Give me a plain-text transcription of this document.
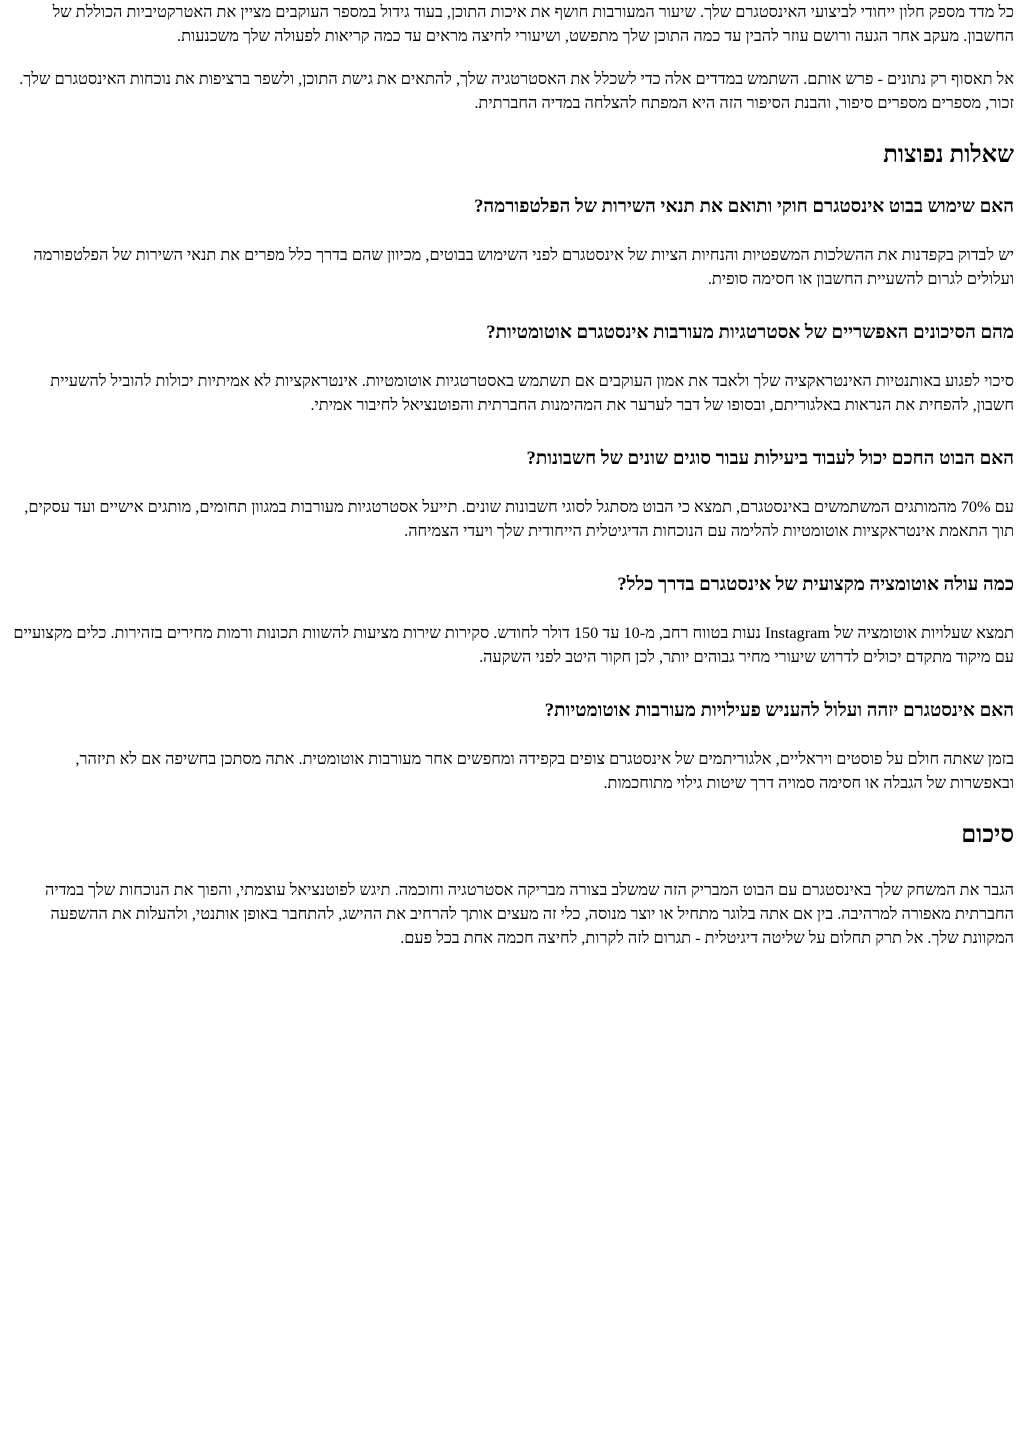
כל מדד מספק חלון ייחודי לביצועי האינסטגרם שלך. שיעור המעורבות חושף את איכות התוכן, בעוד גידול במספר העוקבים מציין את האטרקטיביות הכוללת של החשבון. מעקב אחר הגעה ורושם עוזר להבין עד כמה התוכן שלך מתפשט, ושיעורי לחיצה מראים עד כמה קריאות לפעולה שלך משכנעות.

אל תאסוף רק נתונים - פרש אותם. השתמש במדדים אלה כדי לשכלל את האסטרטגיה שלך, להתאים את גישת התוכן, ולשפר ברציפות את נוכחות האינסטגרם שלך. זכור, מספרים מספרים סיפור, והבנת הסיפור הזה היא המפתח להצלחה במדיה החברתית.

שאלות נפוצות
האם שימוש בבוט אינסטגרם חוקי ותואם את תנאי השירות של הפלטפורמה?

יש לבדוק בקפדנות את ההשלכות המשפטיות והנחיות הציות של אינסטגרם לפני השימוש בבוטים, מכיוון שהם בדרך כלל מפרים את תנאי השירות של הפלטפורמה ועלולים לגרום להשעיית החשבון או חסימה סופית.

מהם הסיכונים האפשריים של אסטרטגיות מעורבות אינסטגרם אוטומטיות?

סיכוי לפגוע באותנטיות האינטראקציה שלך ולאבד את אמון העוקבים אם תשתמש באסטרטגיות אוטומטיות. אינטראקציות לא אמיתיות יכולות להוביל להשעיית חשבון, להפחית את הנראות באלגוריתם, ובסופו של דבר לערער את המהימנות החברתית והפוטנציאל לחיבור אמיתי.

האם הבוט החכם יכול לעבוד ביעילות עבור סוגים שונים של חשבונות?

עם 70% מהמותגים המשתמשים באינסטגרם, תמצא כי הבוט מסתגל לסוגי חשבונות שונים. תייעל אסטרטגיות מעורבות במגוון תחומים, מותגים אישיים ועד עסקים, תוך התאמת אינטראקציות אוטומטיות להלימה עם הנוכחות הדיגיטלית הייחודית שלך ויעדי הצמיחה.

כמה עולה אוטומציה מקצועית של אינסטגרם בדרך כלל?

תמצא שעלויות אוטומציה של Instagram נעות בטווח רחב, מ-10 עד 150 דולר לחודש. סקירות שירות מציעות להשוות תכונות ורמות מחירים בזהירות. כלים מקצועיים עם מיקוד מתקדם יכולים לדרוש שיעורי מחיר גבוהים יותר, לכן חקור היטב לפני השקעה.

האם אינסטגרם יזהה ועלול להעניש פעילויות מעורבות אוטומטיות?

בזמן שאתה חולם על פוסטים ויראליים, אלגוריתמים של אינסטגרם צופים בקפידה ומחפשים אחר מעורבות אוטומטית. אתה מסתכן בחשיפה אם לא תיזהר, ובאפשרות של הגבלה או חסימה סמויה דרך שיטות גילוי מתוחכמות.

סיכום

הגבר את המשחק שלך באינסטגרם עם הבוט המבריק הזה שמשלב בצורה מבריקה אסטרטגיה וחוכמה. תיגש לפוטנציאל עוצמתי, והפוך את הנוכחות שלך במדיה החברתית מאפורה למרהיבה. בין אם אתה בלוגר מתחיל או יוצר מנוסה, כלי זה מעצים אותך להרחיב את ההישג, להתחבר באופן אותנטי, ולהעלות את ההשפעה המקוונת שלך. אל תרק תחלום על שליטה דיגיטלית - תגרום לזה לקרות, לחיצה חכמה אחת בכל פעם.
